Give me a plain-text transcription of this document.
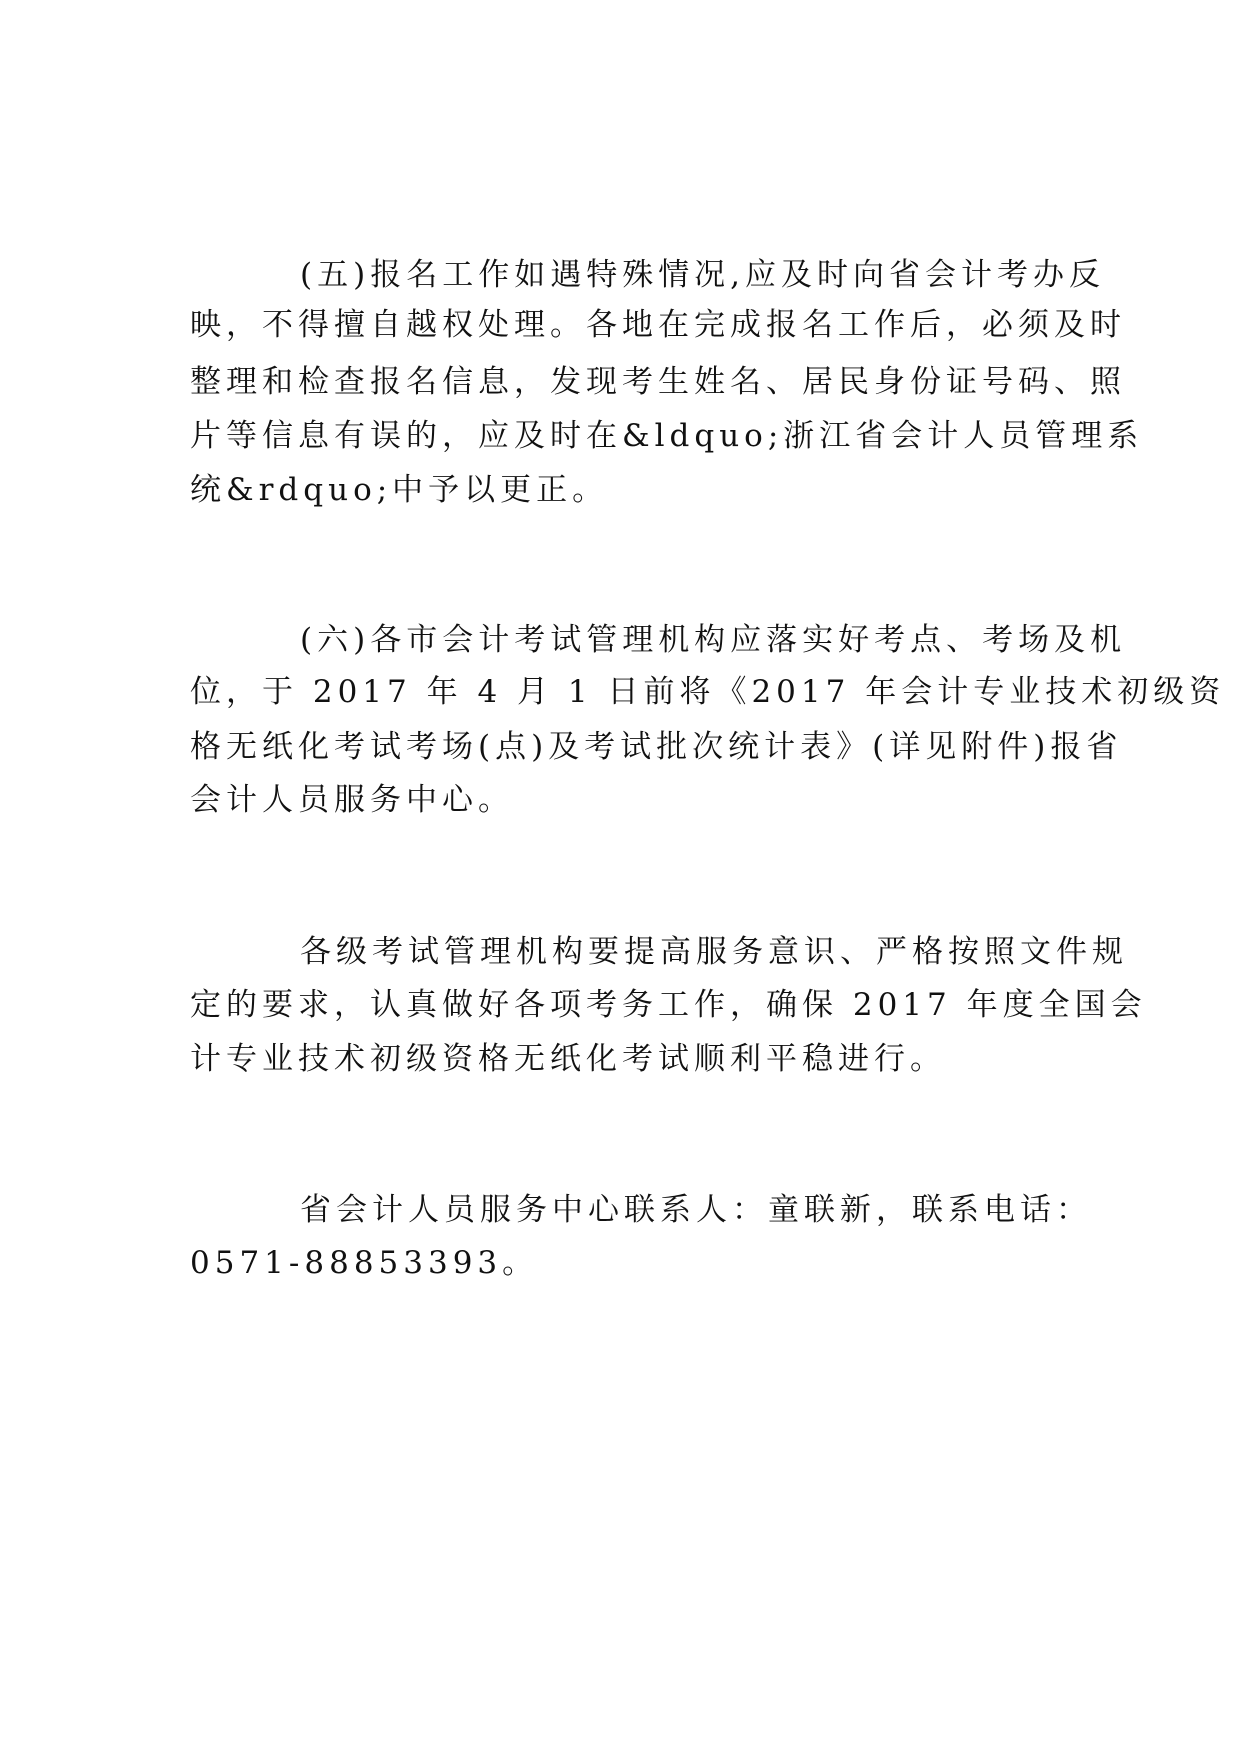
(五)报名工作如遇特殊情况,应及时向省会计考办反
映，不得擅自越权处理。各地在完成报名工作后，必须及时
整理和检查报名信息，发现考生姓名、居民身份证号码、照
片等信息有误的，应及时在&ldquo;浙江省会计人员管理系
统&rdquo;中予以更正。
(六)各市会计考试管理机构应落实好考点、考场及机
位，于 2017 年 4 月 1 日前将《2017 年会计专业技术初级资
格无纸化考试考场(点)及考试批次统计表》(详见附件)报省
会计人员服务中心。
各级考试管理机构要提高服务意识、严格按照文件规
定的要求，认真做好各项考务工作，确保 2017 年度全国会
计专业技术初级资格无纸化考试顺利平稳进行。
省会计人员服务中心联系人：童联新，联系电话：
0571-88853393。
